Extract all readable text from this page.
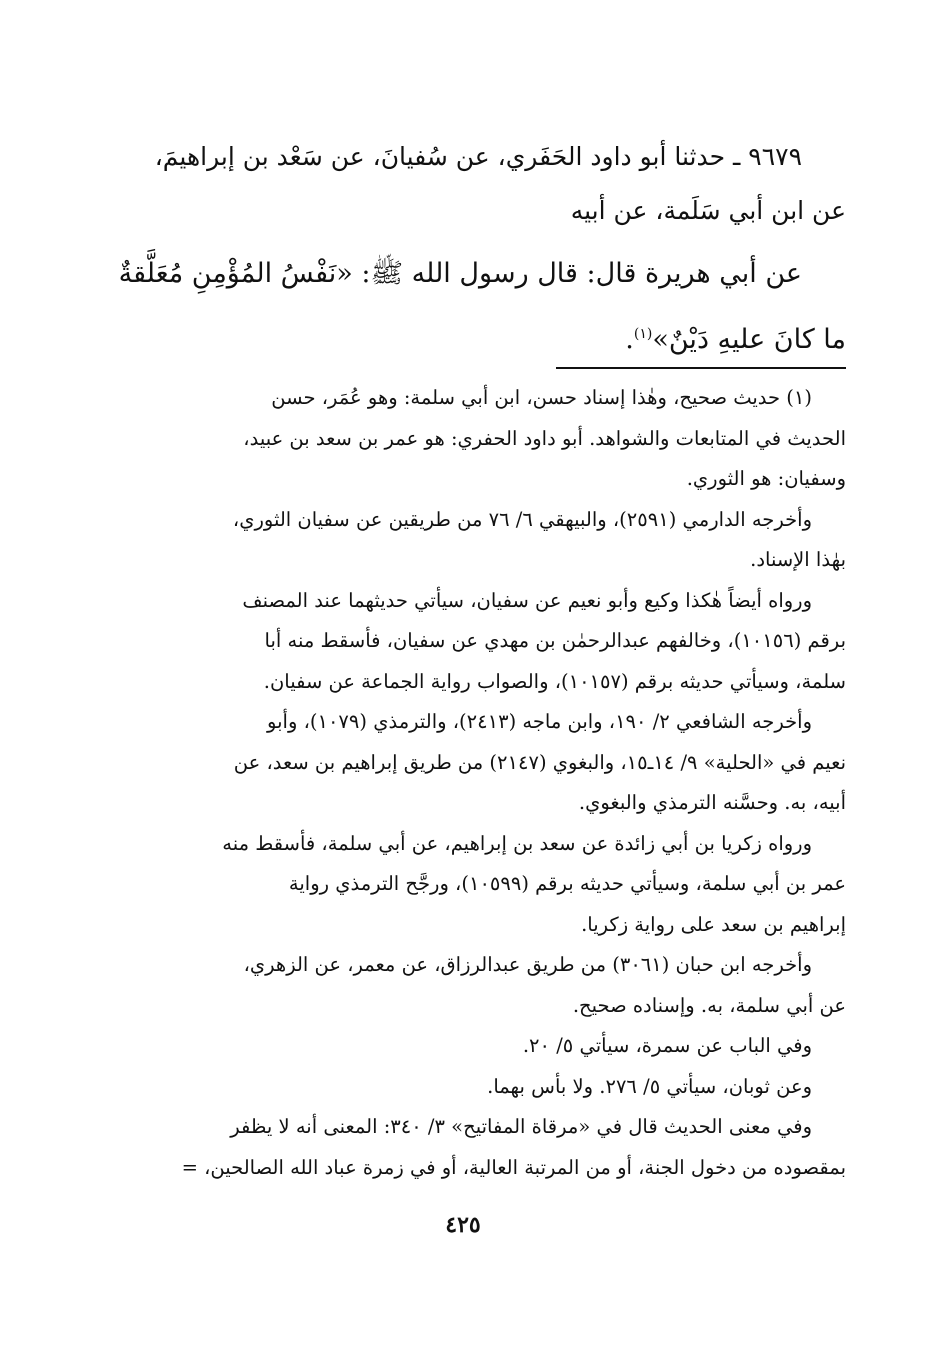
٩٦٧٩ ـ حدثنا أبو داود الحَفَري، عن سُفيانَ، عن سَعْد بن إبراهيمَ،
عن ابن أبي سَلَمة، عن أبيه
عن أبي هريرة قال: قال رسول الله ﷺ: «نَفْسُ المُؤْمِنِ مُعَلَّقةٌ
ما كانَ عليهِ دَيْنٌ»$^{(١)}$.
(١) حديث صحيح، وهٰذا إسناد حسن، ابن أبي سلمة: وهو عُمَر، حسن
الحديث في المتابعات والشواهد. أبو داود الحفري: هو عمر بن سعد بن عبيد،
وسفيان: هو الثوري.
وأخرجه الدارمي (٢٥٩١)، والبيهقي ٦/ ٧٦ من طريقين عن سفيان الثوري،
بهٰذا الإسناد.
ورواه أيضاً هٰكذا وكيع وأبو نعيم عن سفيان، سيأتي حديثهما عند المصنف
برقم (١٠١٥٦)، وخالفهم عبدالرحمٰن بن مهدي عن سفيان، فأسقط منه أبا
سلمة، وسيأتي حديثه برقم (١٠١٥٧)، والصواب رواية الجماعة عن سفيان.
وأخرجه الشافعي ٢/ ١٩٠، وابن ماجه (٢٤١٣)، والترمذي (١٠٧٩)، وأبو
نعيم في «الحلية» ٩/ ١٤ـ١٥، والبغوي (٢١٤٧) من طريق إبراهيم بن سعد، عن
أبيه، به. وحسَّنه الترمذي والبغوي.
ورواه زكريا بن أبي زائدة عن سعد بن إبراهيم، عن أبي سلمة، فأسقط منه
عمر بن أبي سلمة، وسيأتي حديثه برقم (١٠٥٩٩)، ورجَّح الترمذي رواية
إبراهيم بن سعد على رواية زكريا.
وأخرجه ابن حبان (٣٠٦١) من طريق عبدالرزاق، عن معمر، عن الزهري،
عن أبي سلمة، به. وإسناده صحيح.
وفي الباب عن سمرة، سيأتي ٥/ ٢٠.
وعن ثوبان، سيأتي ٥/ ٢٧٦. ولا بأس بهما.
وفي معنى الحديث قال في «مرقاة المفاتيح» ٣/ ٣٤٠: المعنى أنه لا يظفر
بمقصوده من دخول الجنة، أو من المرتبة العالية، أو في زمرة عباد الله الصالحين، =
٤٢٥
